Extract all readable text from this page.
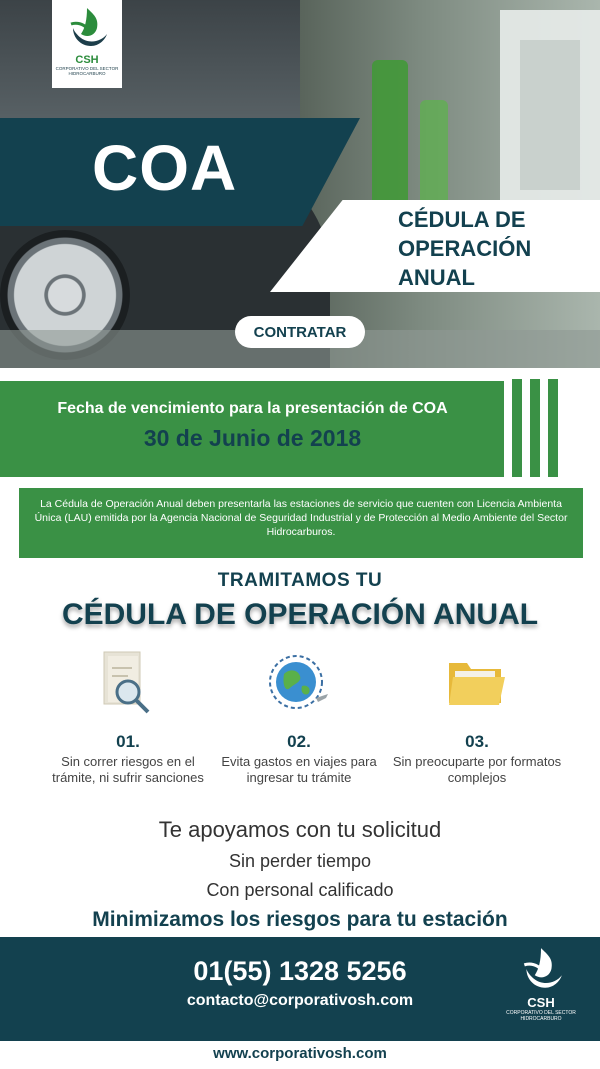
CSH
CORPORATIVO DEL SECTOR HIDROCARBURO
COA
CÉDULA DE OPERACIÓN ANUAL
CONTRATAR
Fecha de vencimiento para la presentación de COA
30 de Junio de 2018
La Cédula de Operación Anual deben presentarla las estaciones de servicio que cuenten con Licencia Ambienta Única (LAU) emitida por la Agencia Nacional de Seguridad Industrial y de Protección al Medio Ambiente del Sector Hidrocarburos.
TRAMITAMOS TU
CÉDULA DE OPERACIÓN ANUAL
01.
Sin correr riesgos en el trámite, ni sufrir sanciones
02.
Evita gastos en viajes para ingresar tu trámite
03.
Sin preocuparte por formatos complejos
Te apoyamos con tu solicitud
Sin perder tiempo
Con personal calificado
Minimizamos los riesgos para tu estación
01(55) 1328 5256
contacto@corporativosh.com	CSH
CORPORATIVO DEL SECTOR HIDROCARBURO
www.corporativosh.com
